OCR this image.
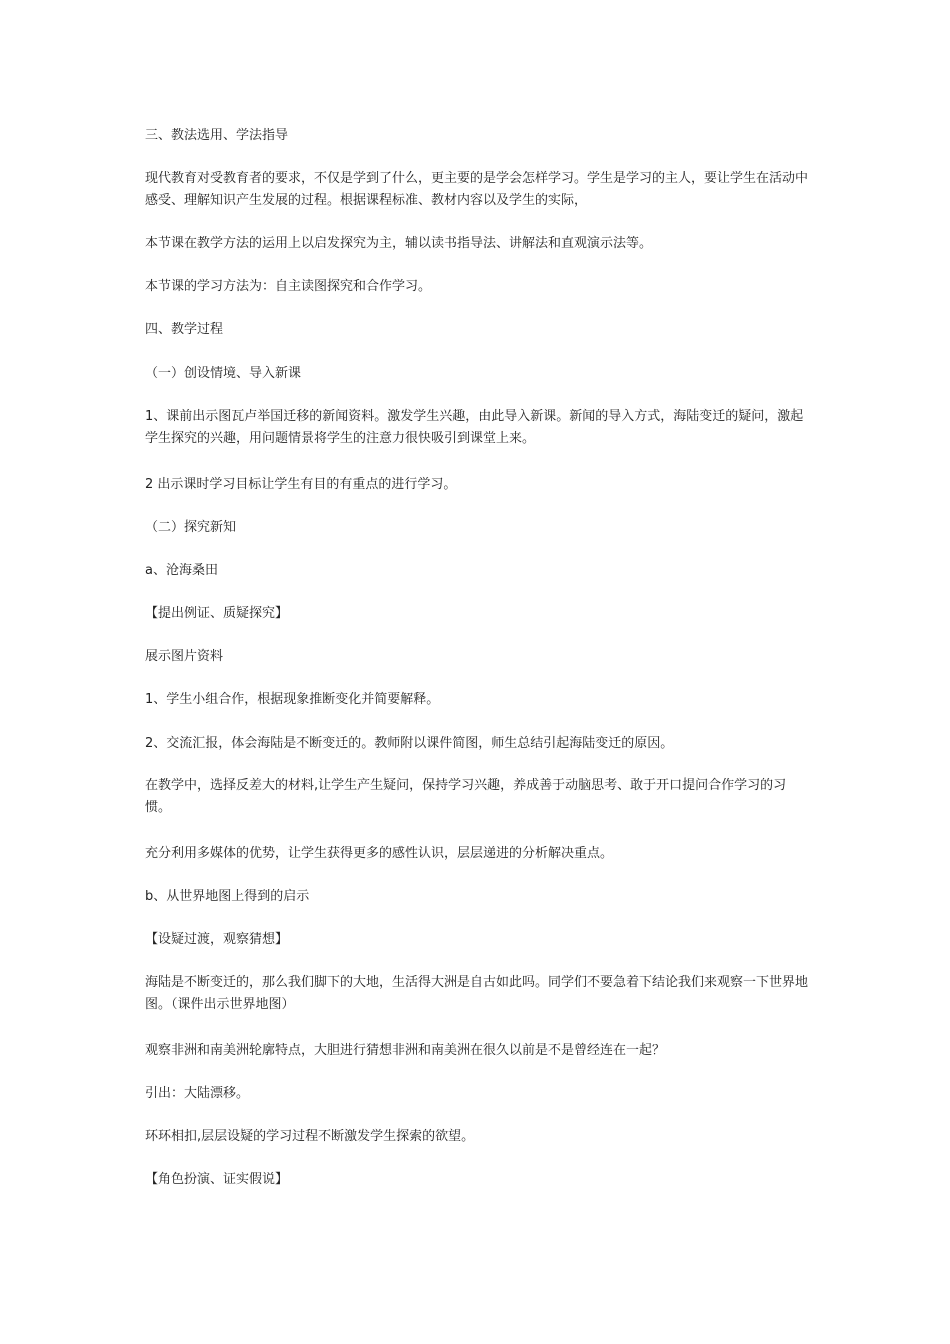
三、教法选用、学法指导

现代教育对受教育者的要求，不仅是学到了什么，更主要的是学会怎样学习。学生是学习的主人，要让学生在活动中感受、理解知识产生发展的过程。根据课程标准、教材内容以及学生的实际，

本节课在教学方法的运用上以启发探究为主，辅以读书指导法、讲解法和直观演示法等。

本节课的学习方法为：自主读图探究和合作学习。

四、教学过程

（一）创设情境、导入新课

1、课前出示图瓦卢举国迁移的新闻资料。激发学生兴趣，由此导入新课。新闻的导入方式，海陆变迁的疑问，激起学生探究的兴趣，用问题情景将学生的注意力很快吸引到课堂上来。

2 出示课时学习目标让学生有目的有重点的进行学习。

（二）探究新知

a、沧海桑田

【提出例证、质疑探究】

展示图片资料

1、学生小组合作，根据现象推断变化并简要解释。

2、交流汇报，体会海陆是不断变迁的。教师附以课件简图，师生总结引起海陆变迁的原因。

在教学中，选择反差大的材料,让学生产生疑问，保持学习兴趣，养成善于动脑思考、敢于开口提问合作学习的习惯。

充分利用多媒体的优势，让学生获得更多的感性认识，层层递进的分析解决重点。

b、从世界地图上得到的启示

【设疑过渡，观察猜想】

海陆是不断变迁的，那么我们脚下的大地，生活得大洲是自古如此吗。同学们不要急着下结论我们来观察一下世界地图。（课件出示世界地图）

观察非洲和南美洲轮廓特点，大胆进行猜想非洲和南美洲在很久以前是不是曾经连在一起？

引出：大陆漂移。

环环相扣,层层设疑的学习过程不断激发学生探索的欲望。

【角色扮演、证实假说】
